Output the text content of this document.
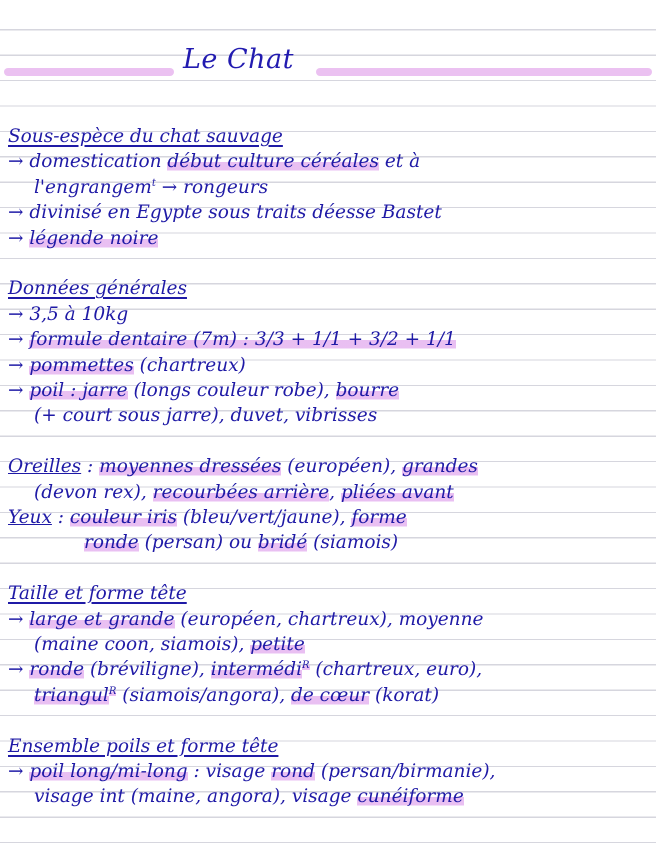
Le Chat
Sous-espèce du chat sauvage
→ domestication début culture céréales et à
l'engrangem$^t$ → rongeurs
→ divinisé en Egypte sous traits déesse Bastet
→ légende noire
Données générales
→ 3,5 à 10kg
→ formule dentaire (7m) : 3/3 + 1/1 + 3/2 + 1/1
→ pommettes (chartreux)
→ poil : jarre (longs couleur robe), bourre
(+ court sous jarre), duvet, vibrisses
Oreilles : moyennes dressées (européen), grandes
(devon rex), recourbées arrière, pliées avant
Yeux : couleur iris (bleu/vert/jaune), forme
ronde (persan) ou bridé (siamois)
Taille et forme tête
→ large et grande (européen, chartreux), moyenne
(maine coon, siamois), petite
→ ronde (bréviligne), intermédi$^R$ (chartreux, euro),
triangul$^R$ (siamois/angora), de cœur (korat)
Ensemble poils et forme tête
→ poil long/mi-long : visage rond (persan/birmanie),
visage int (maine, angora), visage cunéiforme
